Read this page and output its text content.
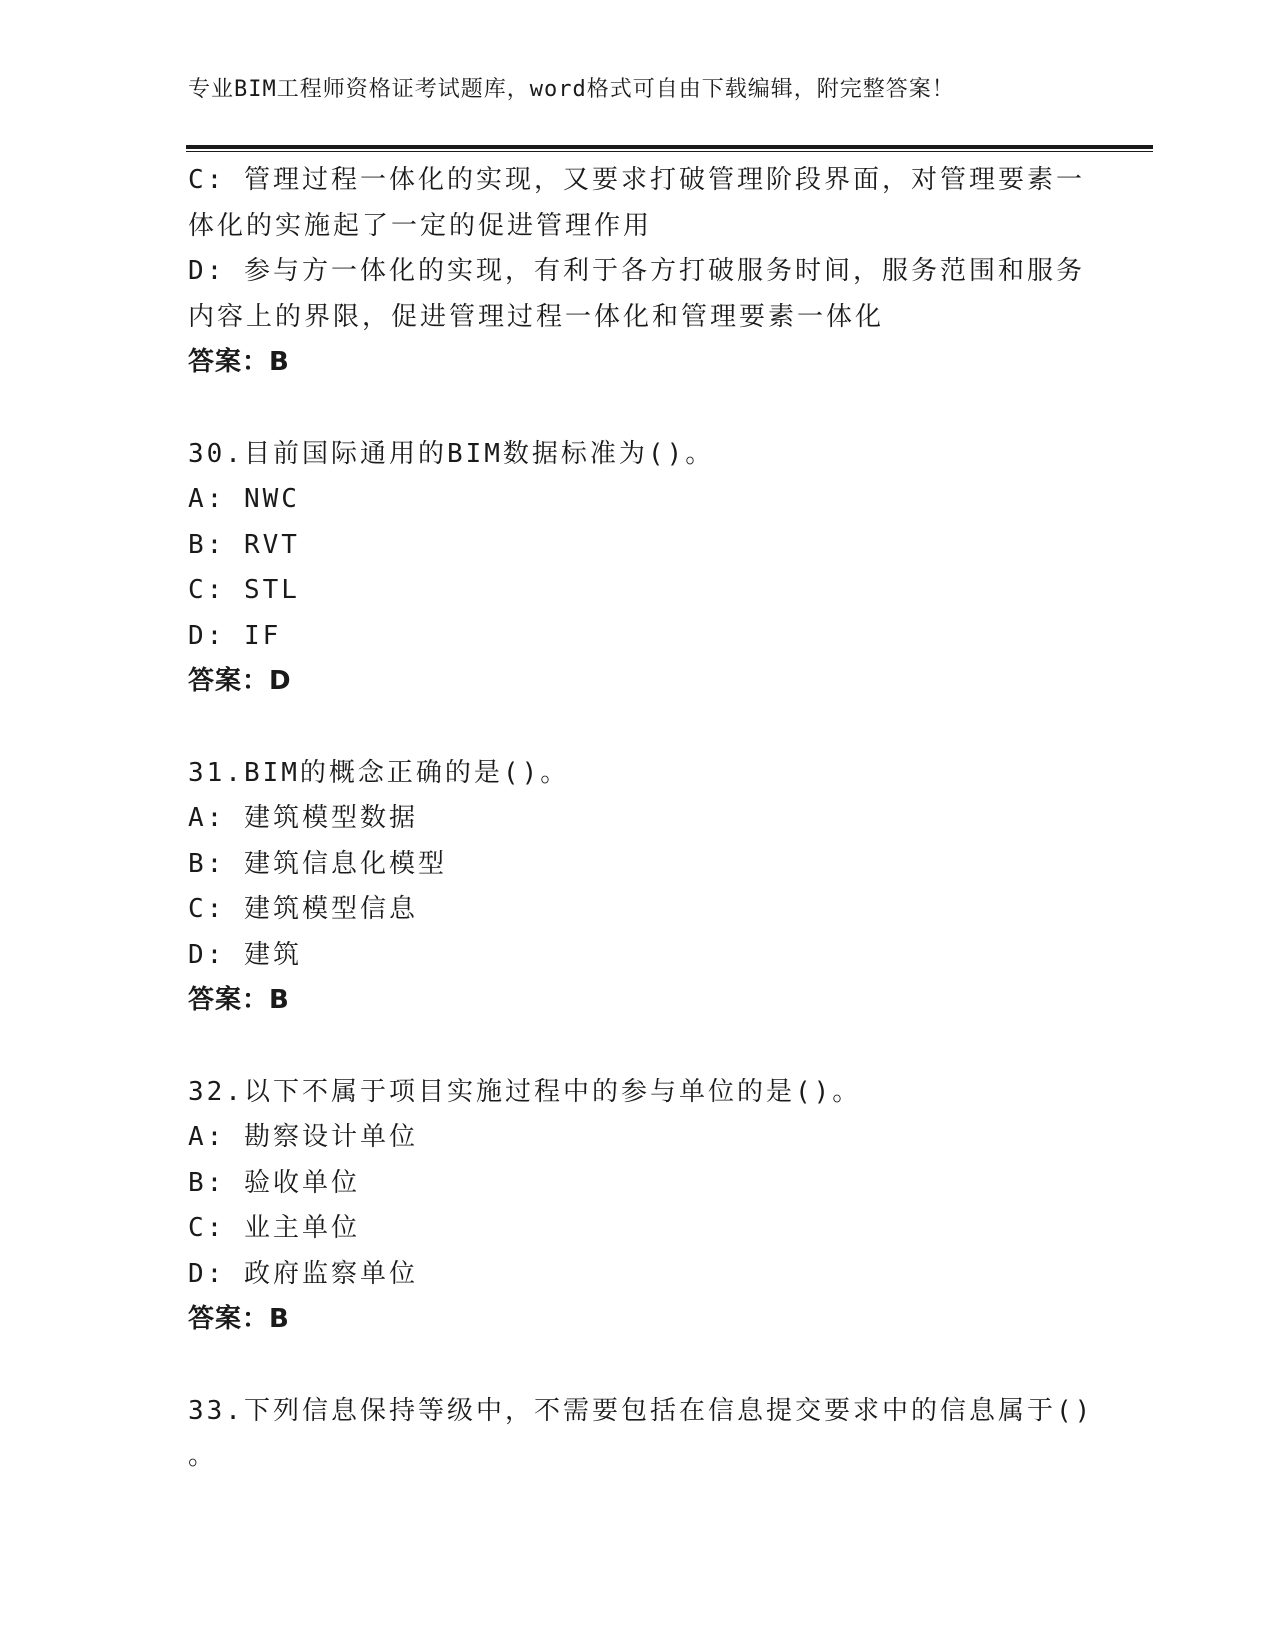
专业BIM工程师资格证考试题库，word格式可自由下载编辑，附完整答案！
C: 管理过程一体化的实现，又要求打破管理阶段界面，对管理要素一
体化的实施起了一定的促进管理作用
D: 参与方一体化的实现，有利于各方打破服务时间，服务范围和服务
内容上的界限，促进管理过程一体化和管理要素一体化
答案：B
30.目前国际通用的BIM数据标准为()。
A: NWC
B: RVT
C: STL
D: IF
答案：D
31.BIM的概念正确的是()。
A: 建筑模型数据
B: 建筑信息化模型
C: 建筑模型信息
D: 建筑
答案：B
32.以下不属于项目实施过程中的参与单位的是()。
A: 勘察设计单位
B: 验收单位
C: 业主单位
D: 政府监察单位
答案：B
33.下列信息保持等级中，不需要包括在信息提交要求中的信息属于()
。
